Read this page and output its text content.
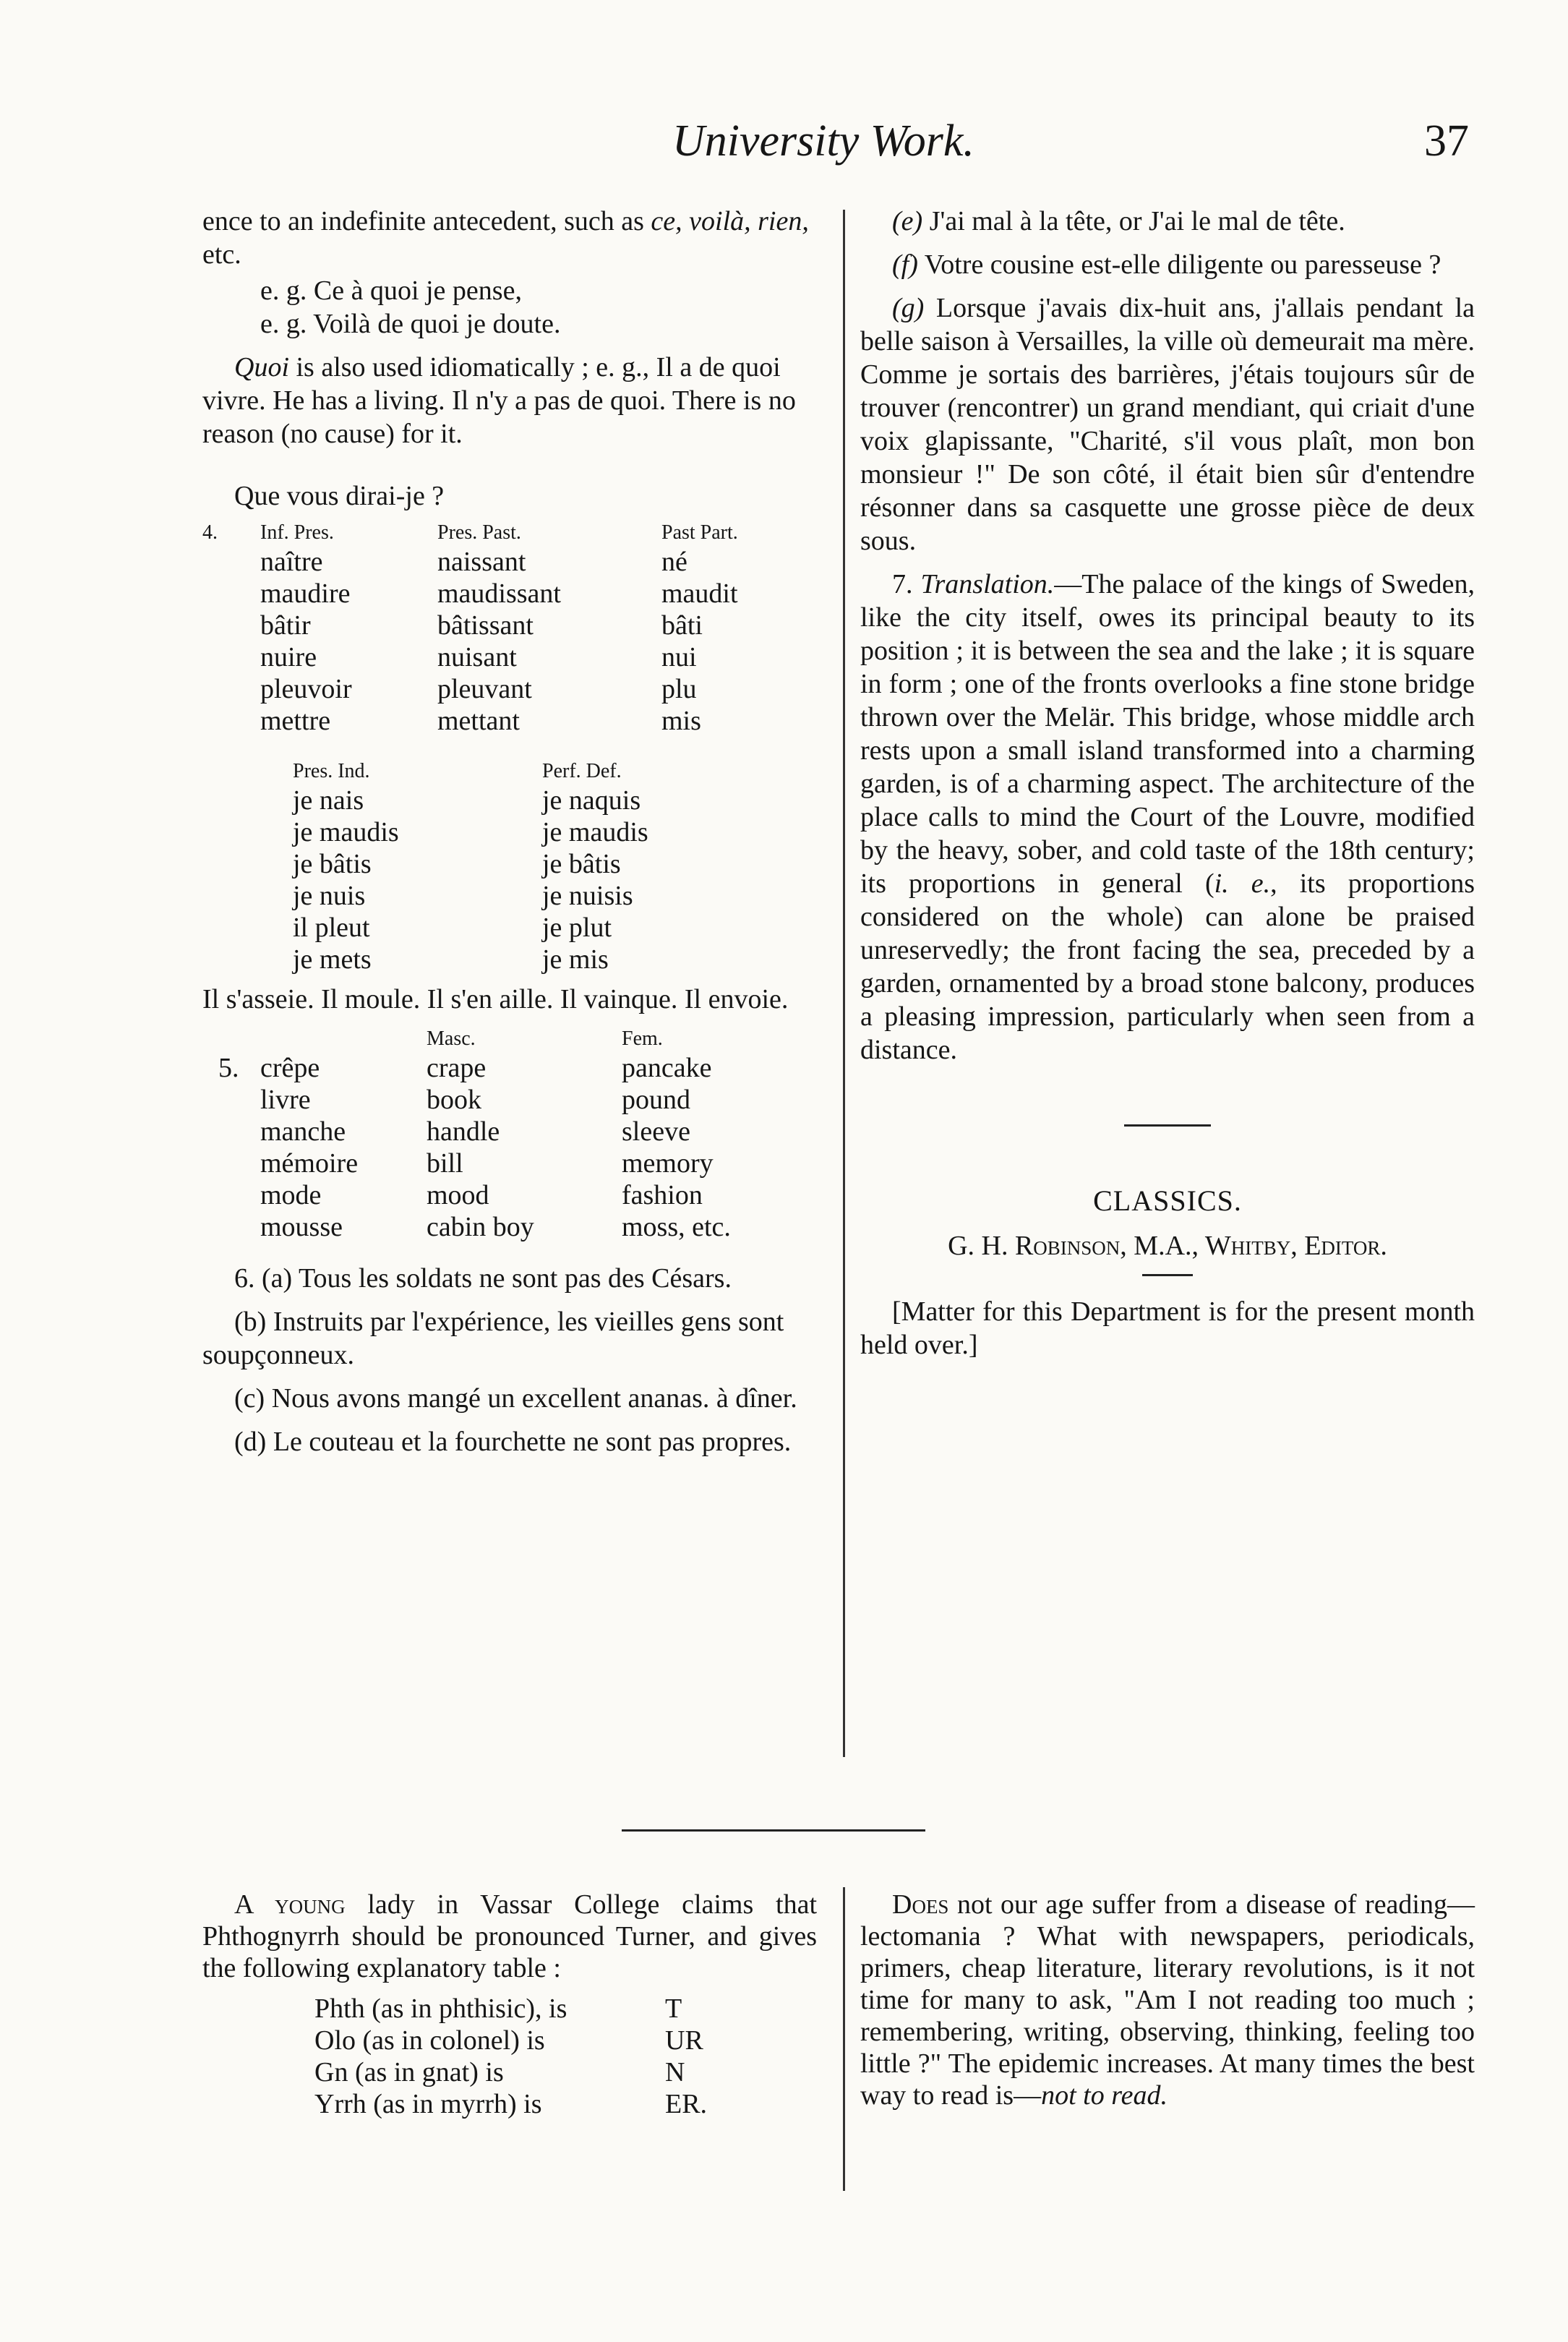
University Work.	37

ence to an indefinite antecedent, such as ce, voilà, rien, etc.

e. g. Ce à quoi je pense,

e. g. Voilà de quoi je doute.

Quoi is also used idiomatically ; e. g., Il a de quoi vivre. He has a living. Il n'y a pas de quoi. There is no reason (no cause) for it.

Que vous dirai-je ?

4.	Inf. Pres.	Pres. Past.	Past Part.
	naître	naissant	né
	maudire	maudissant	maudit
	bâtir	bâtissant	bâti
	nuire	nuisant	nui
	pleuvoir	pleuvant	plu
	mettre	mettant	mis
Pres. Ind.	Perf. Def.
je nais	je naquis
je maudis	je maudis
je bâtis	je bâtis
je nuis	je nuisis
il pleut	je plut
je mets	je mis

Il s'asseie. Il moule. Il s'en aille. Il vainque. Il envoie.

		Masc.	Fem.
5.	crêpe	crape	pancake
	livre	book	pound
	manche	handle	sleeve
	mémoire	bill	memory
	mode	mood	fashion
	mousse	cabin boy	moss, etc.

6. (a) Tous les soldats ne sont pas des Césars.

(b) Instruits par l'expérience, les vieilles gens sont soupçonneux.

(c) Nous avons mangé un excellent ananas. à dîner.

(d) Le couteau et la fourchette ne sont pas propres.

(e) J'ai mal à la tête, or J'ai le mal de tête.

(f) Votre cousine est-elle diligente ou paresseuse ?

(g) Lorsque j'avais dix-huit ans, j'allais pendant la belle saison à Versailles, la ville où demeurait ma mère. Comme je sortais des barrières, j'étais toujours sûr de trouver (rencontrer) un grand mendiant, qui criait d'une voix glapissante, "Charité, s'il vous plaît, mon bon monsieur !" De son côté, il était bien sûr d'entendre résonner dans sa casquette une grosse pièce de deux sous.

7. Translation.—The palace of the kings of Sweden, like the city itself, owes its principal beauty to its position ; it is between the sea and the lake ; it is square in form ; one of the fronts overlooks a fine stone bridge thrown over the Melär. This bridge, whose middle arch rests upon a small island transformed into a charming garden, is of a charming aspect. The architecture of the place calls to mind the Court of the Louvre, modified by the heavy, sober, and cold taste of the 18th century; its proportions in general (i. e., its proportions considered on the whole) can alone be praised unreservedly; the front facing the sea, preceded by a garden, ornamented by a broad stone balcony, produces a pleasing impression, particularly when seen from a distance.

CLASSICS.

G. H. Robinson, M.A., Whitby, Editor.

[Matter for this Department is for the present month held over.]

A young lady in Vassar College claims that Phthognyrrh should be pronounced Turner, and gives the following explanatory table :

Phth (as in phthisic), is	T
Olo (as in colonel) is	UR
Gn (as in gnat) is	N
Yrrh (as in myrrh) is	ER.

Does not our age suffer from a disease of reading—lectomania ? What with newspapers, periodicals, primers, cheap literature, literary revolutions, is it not time for many to ask, "Am I not reading too much ; remembering, writing, observing, thinking, feeling too little ?" The epidemic increases. At many times the best way to read is—not to read.
